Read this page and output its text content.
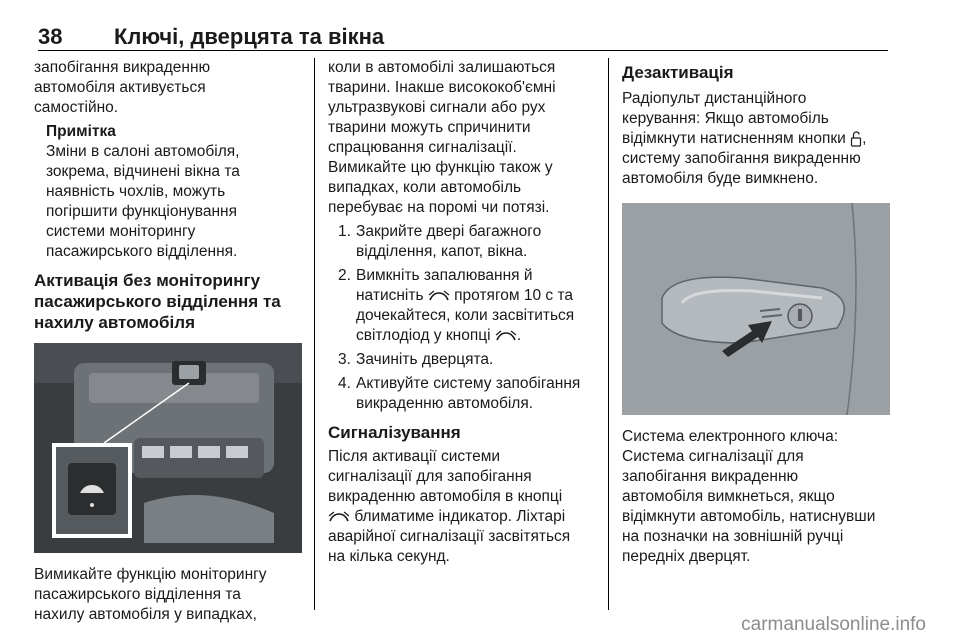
38 Ключі, дверцята та вікна

запобігання викраденню

автомобіля активується

самостійно.

Примітка

Зміни в салоні автомобіля,

зокрема, відчинені вікна та

наявність чохлів, можуть

погіршити функціонування

системи моніторингу

пасажирського відділення.

Активація без моніторингу

пасажирського відділення та

нахилу автомобіля

Вимикайте функцію моніторингу

пасажирського відділення та

нахилу автомобіля у випадках,

коли в автомобілі залишаються

тварини. Інакше висококоб'ємні

ультразвукові сигнали або рух

тварини можуть спричинити

спрацювання сигналізації.

Вимикайте цю функцію також у

випадках, коли автомобіль

перебуває на поромі чи потязі.

1. Закрийте двері багажного

відділення, капот, вікна.

2. Вимкніть запалювання й

натисніть протягом 10 с та

дочекайтеся, коли засвітиться

світлодіод у кнопці .

3. Зачиніть дверцята.

4. Активуйте систему запобігання

викраденню автомобіля.

Сигналізування

Після активації системи

сигналізації для запобігання

викраденню автомобіля в кнопці

блиматиме індикатор. Ліхтарі

аварійної сигналізації засвітяться

на кілька секунд.

Дезактивація

Радіопульт дистанційного

керування: Якщо автомобіль

відімкнути натисненням кнопки ,

систему запобігання викраденню

автомобіля буде вимкнено.

Система електронного ключа:

Система сигналізації для

запобігання викраденню

автомобіля вимкнеться, якщо

відімкнути автомобіль, натиснувши

на позначки на зовнішній ручці

передніх дверцят.

carmanualsonline.info
